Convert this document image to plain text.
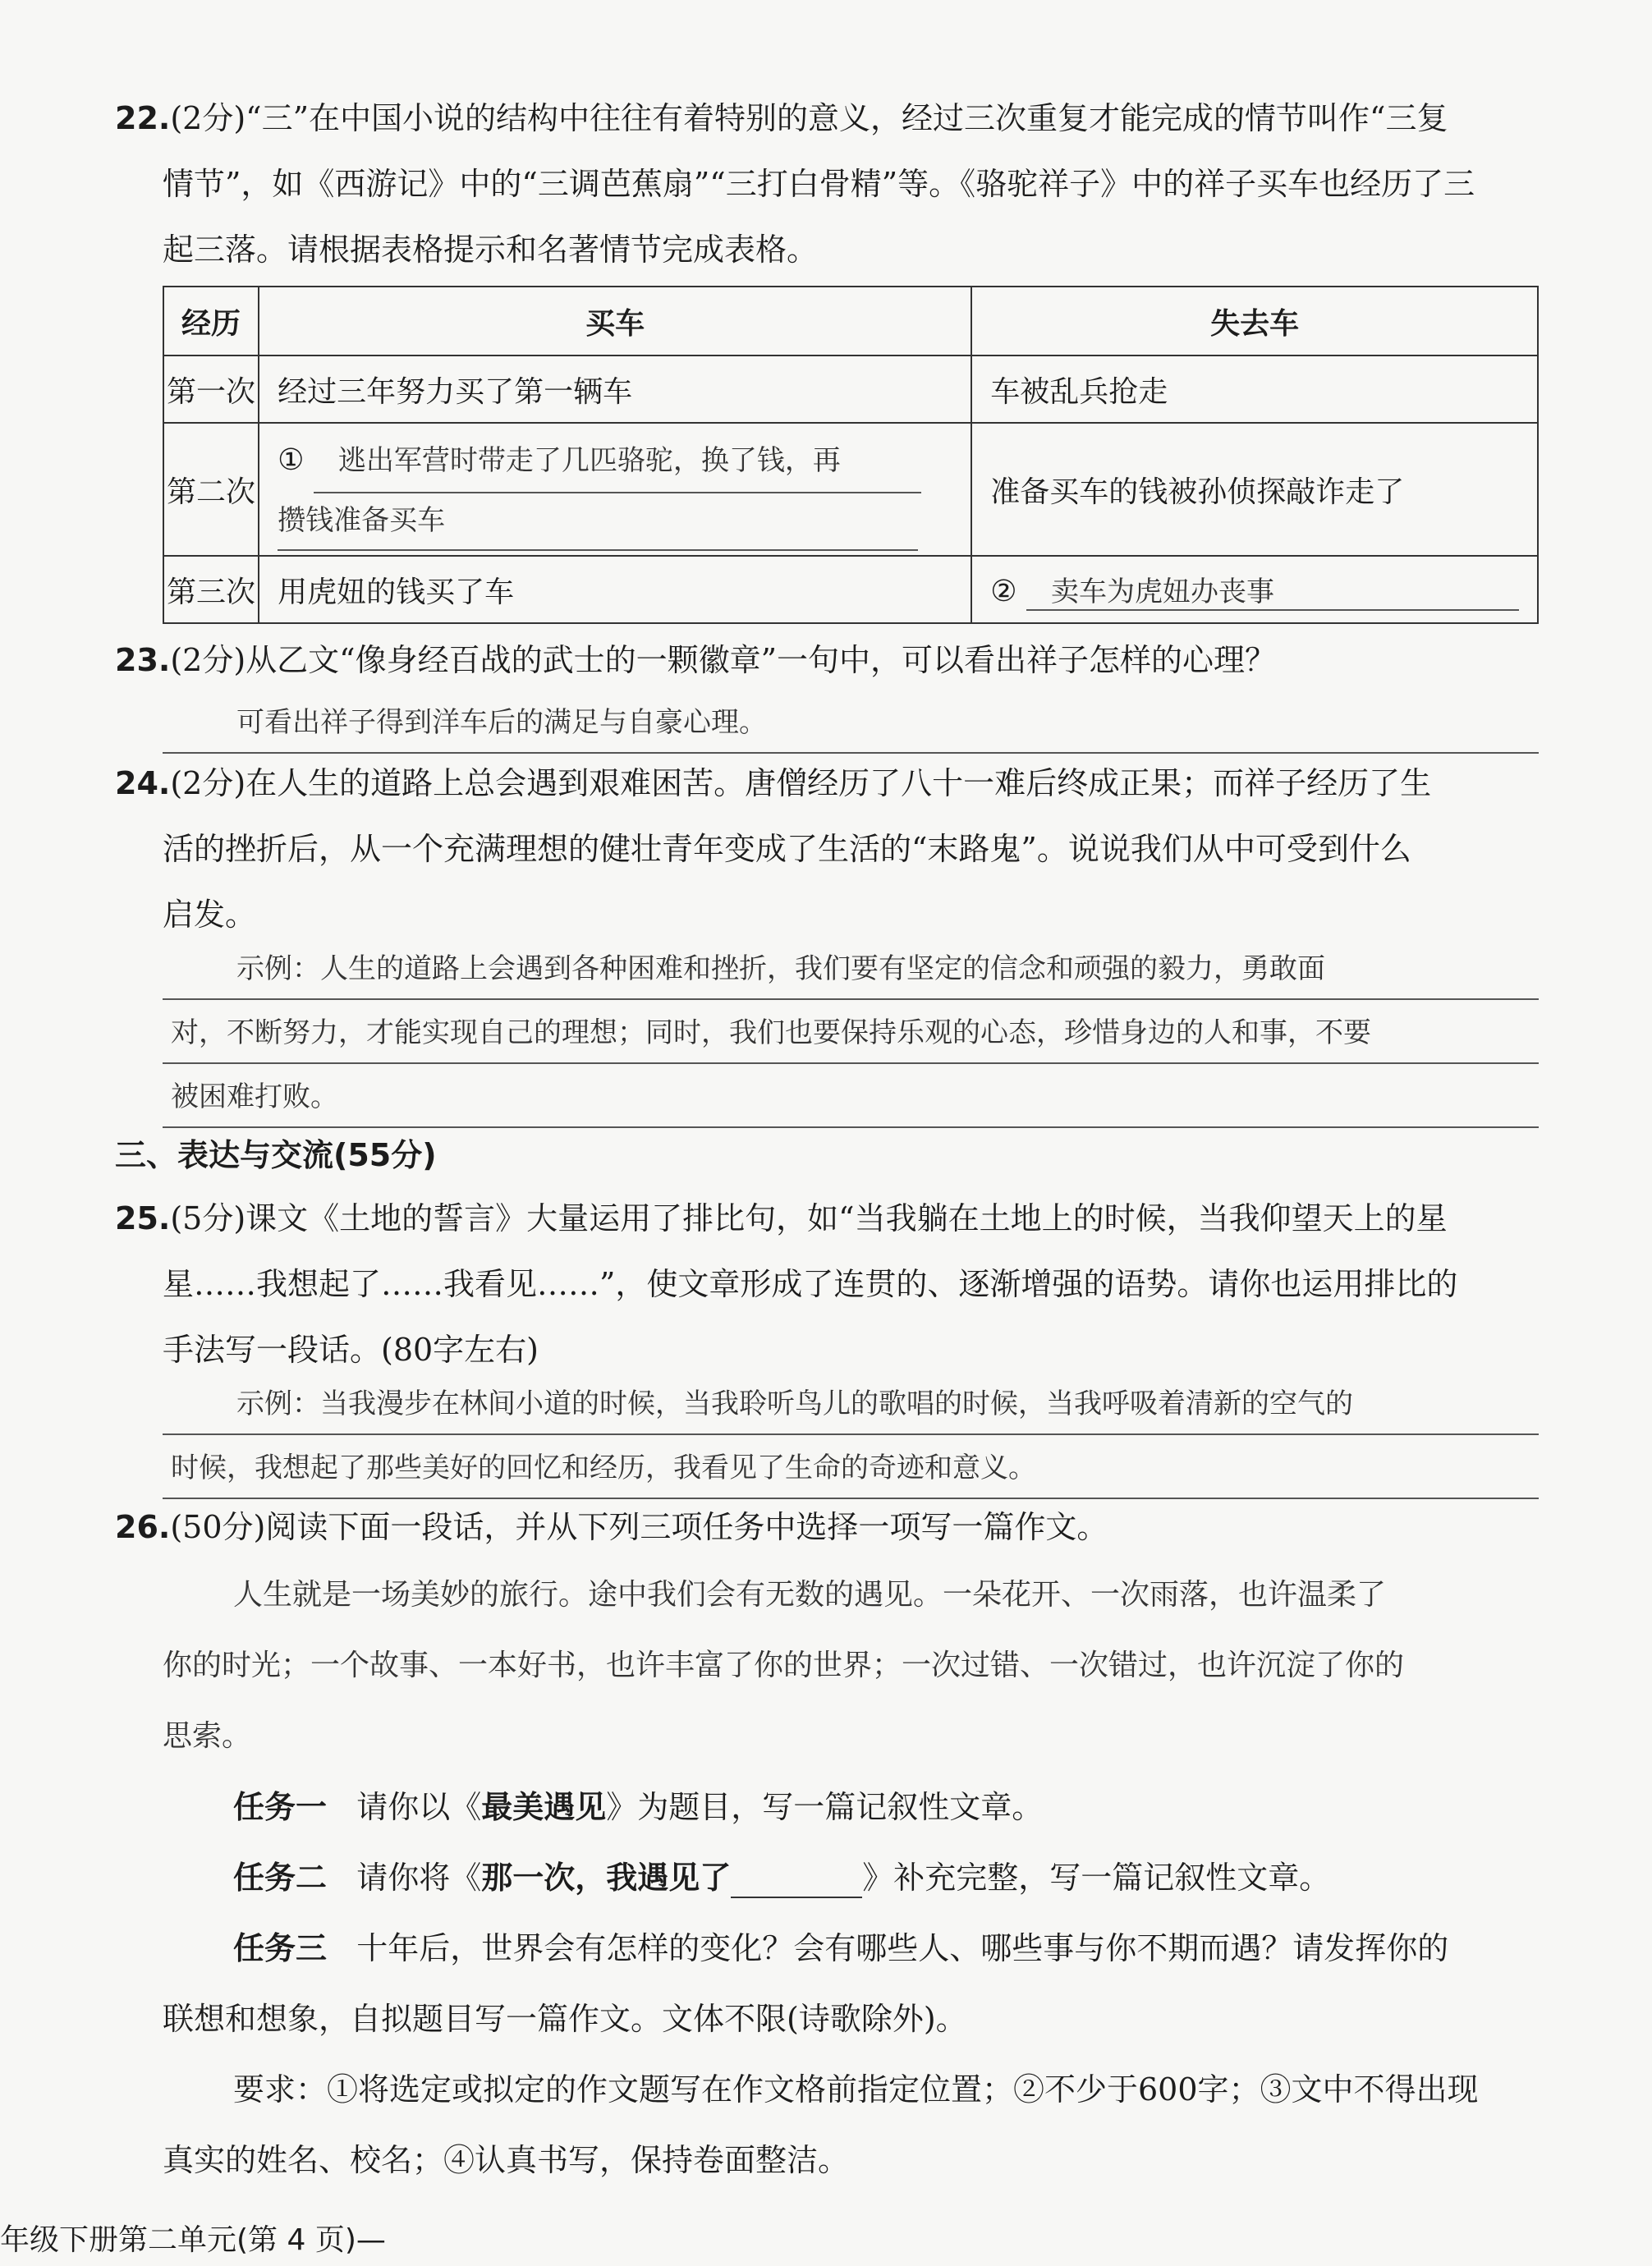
22.(2分)“三”在中国小说的结构中往往有着特别的意义，经过三次重复才能完成的情节叫作“三复
情节”，如《西游记》中的“三调芭蕉扇”“三打白骨精”等。《骆驼祥子》中的祥子买车也经历了三
起三落。请根据表格提示和名著情节完成表格。
经历	买车	失去车
第一次	经过三年努力买了第一辆车	车被乱兵抢走
第二次	① 逃出军营时带走了几匹骆驼，换了钱，再
攒钱准备买车	准备买车的钱被孙侦探敲诈走了
第三次	用虎妞的钱买了车	② 卖车为虎妞办丧事
23.(2分)从乙文“像身经百战的武士的一颗徽章”一句中，可以看出祥子怎样的心理？
可看出祥子得到洋车后的满足与自豪心理。
24.(2分)在人生的道路上总会遇到艰难困苦。唐僧经历了八十一难后终成正果；而祥子经历了生
活的挫折后，从一个充满理想的健壮青年变成了生活的“末路鬼”。说说我们从中可受到什么
启发。
示例：人生的道路上会遇到各种困难和挫折，我们要有坚定的信念和顽强的毅力，勇敢面
对，不断努力，才能实现自己的理想；同时，我们也要保持乐观的心态，珍惜身边的人和事，不要
被困难打败。
三、表达与交流(55分)
25.(5分)课文《土地的誓言》大量运用了排比句，如“当我躺在土地上的时候，当我仰望天上的星
星……我想起了……我看见……”，使文章形成了连贯的、逐渐增强的语势。请你也运用排比的
手法写一段话。(80字左右)
示例：当我漫步在林间小道的时候，当我聆听鸟儿的歌唱的时候，当我呼吸着清新的空气的
时候，我想起了那些美好的回忆和经历，我看见了生命的奇迹和意义。
26.(50分)阅读下面一段话，并从下列三项任务中选择一项写一篇作文。
人生就是一场美妙的旅行。途中我们会有无数的遇见。一朵花开、一次雨落，也许温柔了
你的时光；一个故事、一本好书，也许丰富了你的世界；一次过错、一次错过，也许沉淀了你的
思索。
任务一 请你以《最美遇见》为题目，写一篇记叙性文章。
任务二 请你将《那一次，我遇见了	》补充完整，写一篇记叙性文章。
任务三 十年后，世界会有怎样的变化？会有哪些人、哪些事与你不期而遇？请发挥你的
联想和想象，自拟题目写一篇作文。文体不限(诗歌除外)。
要求：①将选定或拟定的作文题写在作文格前指定位置；②不少于600字；③文中不得出现
真实的姓名、校名；④认真书写，保持卷面整洁。
年级下册第二单元(第 4 页)—
